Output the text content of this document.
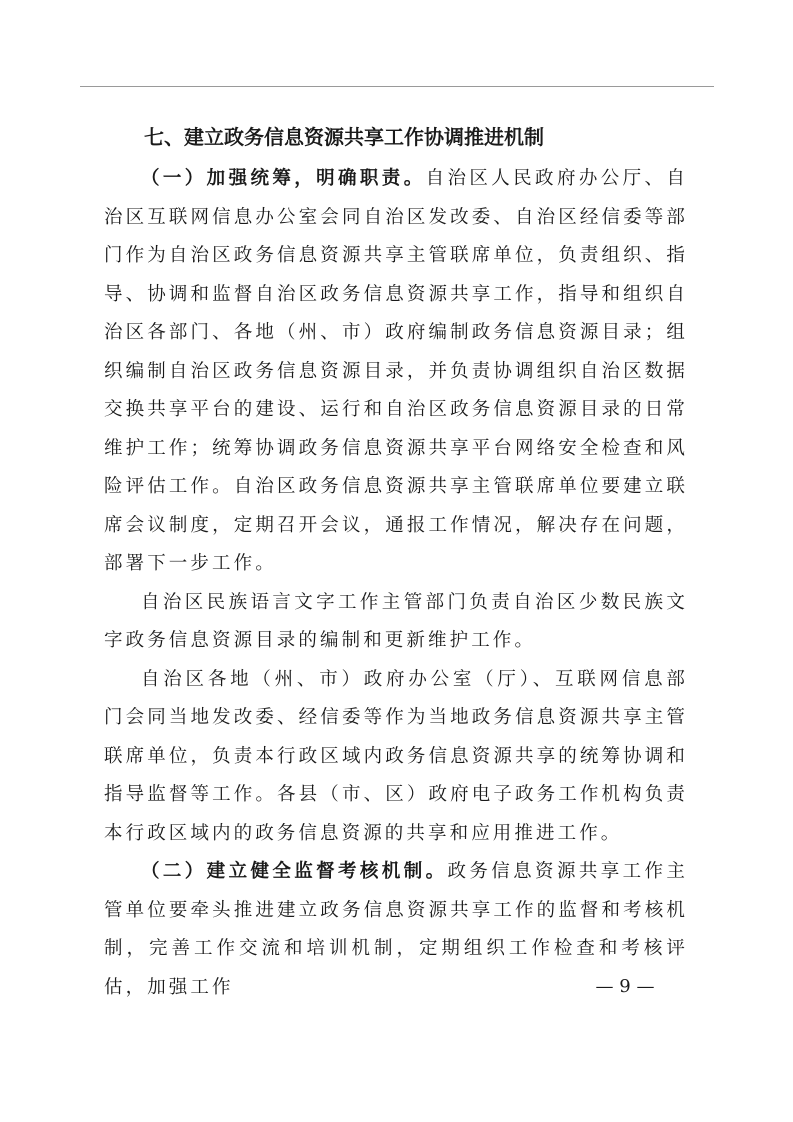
七、建立政务信息资源共享工作协调推进机制

（一）加强统筹，明确职责。自治区人民政府办公厅、自治区互联网信息办公室会同自治区发改委、自治区经信委等部门作为自治区政务信息资源共享主管联席单位，负责组织、指导、协调和监督自治区政务信息资源共享工作，指导和组织自治区各部门、各地（州、市）政府编制政务信息资源目录；组织编制自治区政务信息资源目录，并负责协调组织自治区数据交换共享平台的建设、运行和自治区政务信息资源目录的日常维护工作；统筹协调政务信息资源共享平台网络安全检查和风险评估工作。自治区政务信息资源共享主管联席单位要建立联席会议制度，定期召开会议，通报工作情况，解决存在问题，部署下一步工作。

自治区民族语言文字工作主管部门负责自治区少数民族文字政务信息资源目录的编制和更新维护工作。

自治区各地（州、市）政府办公室（厅）、互联网信息部门会同当地发改委、经信委等作为当地政务信息资源共享主管联席单位，负责本行政区域内政务信息资源共享的统筹协调和指导监督等工作。各县（市、区）政府电子政务工作机构负责本行政区域内的政务信息资源的共享和应用推进工作。

（二）建立健全监督考核机制。政务信息资源共享工作主管单位要牵头推进建立政务信息资源共享工作的监督和考核机制，完善工作交流和培训机制，定期组织工作检查和考核评估，加强工作	— 9 —
